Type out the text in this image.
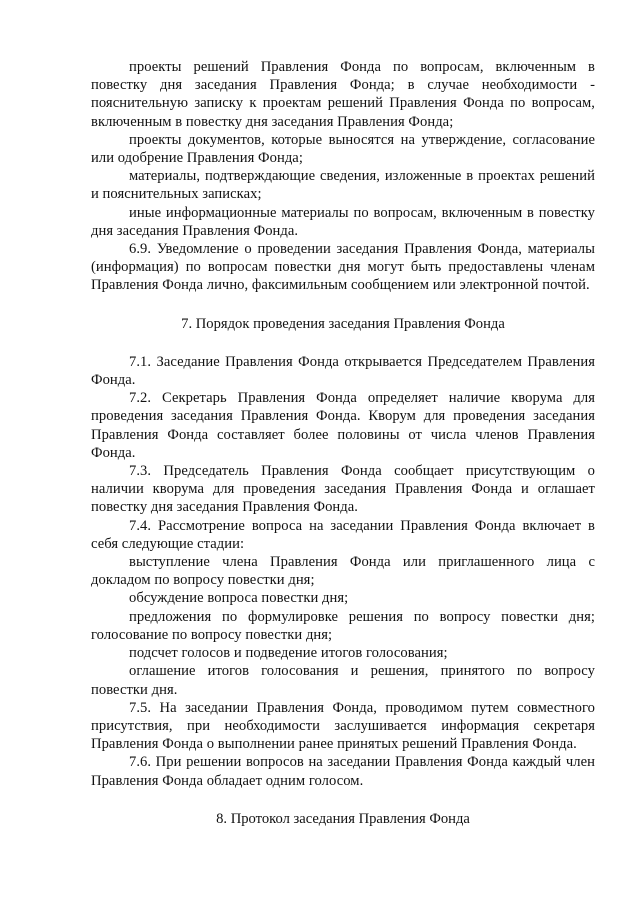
проекты решений Правления Фонда по вопросам, включенным в повестку дня заседания Правления Фонда; в случае необходимости - пояснительную записку к проектам решений Правления Фонда по вопросам, включенным в повестку дня заседания Правления Фонда;

проекты документов, которые выносятся на утверждение, согласование или одобрение Правления Фонда;

материалы, подтверждающие сведения, изложенные в проектах решений и пояснительных записках;

иные информационные материалы по вопросам, включенным в повестку дня заседания Правления Фонда.

6.9. Уведомление о проведении заседания Правления Фонда, материалы (информация) по вопросам повестки дня могут быть предоставлены членам Правления Фонда лично, факсимильным сообщением или электронной почтой.

7. Порядок проведения заседания Правления Фонда

7.1. Заседание Правления Фонда открывается Председателем Правления Фонда.

7.2. Секретарь Правления Фонда определяет наличие кворума для проведения заседания Правления Фонда. Кворум для проведения заседания Правления Фонда составляет более половины от числа членов Правления Фонда.

7.3. Председатель Правления Фонда сообщает присутствующим о наличии кворума для проведения заседания Правления Фонда и оглашает повестку дня заседания Правления Фонда.

7.4. Рассмотрение вопроса на заседании Правления Фонда включает в себя следующие стадии:

выступление члена Правления Фонда или приглашенного лица с докладом по вопросу повестки дня;

обсуждение вопроса повестки дня;

предложения по формулировке решения по вопросу повестки дня; голосование по вопросу повестки дня;

подсчет голосов и подведение итогов голосования;

оглашение итогов голосования и решения, принятого по вопросу повестки дня.

7.5. На заседании Правления Фонда, проводимом путем совместного присутствия, при необходимости заслушивается информация секретаря Правления Фонда о выполнении ранее принятых решений Правления Фонда.

7.6. При решении вопросов на заседании Правления Фонда каждый член Правления Фонда обладает одним голосом.

8. Протокол заседания Правления Фонда
